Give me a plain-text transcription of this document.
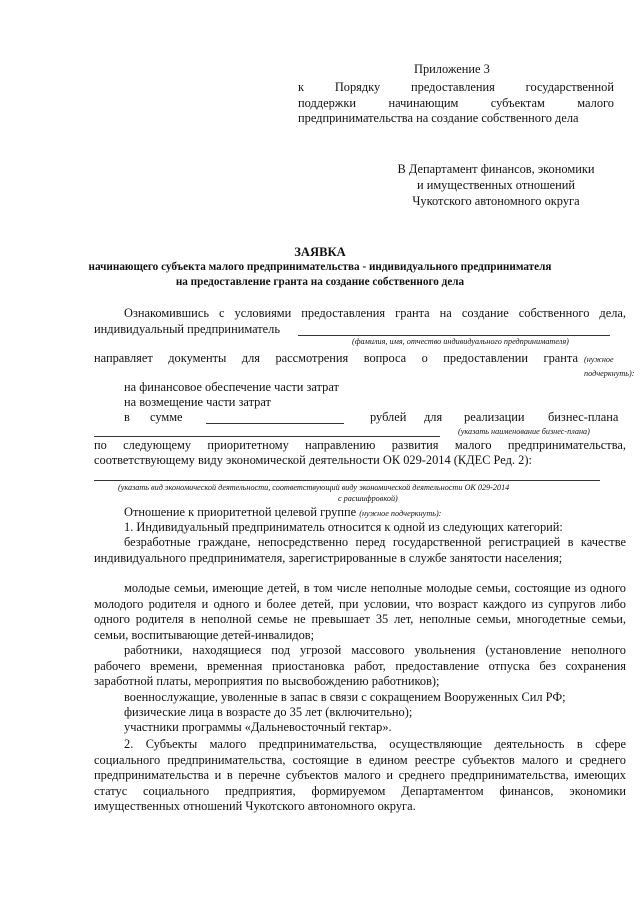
Приложение 3
к Порядку предоставления государственной
поддержки начинающим субъектам малого
предпринимательства на создание собственного дела
В Департамент финансов, экономики
и имущественных отношений
Чукотского автономного округа
ЗАЯВКА
начинающего субъекта малого предпринимательства - индивидуального предпринимателя
на предоставление гранта на создание собственного дела
Ознакомившись с условиями предоставления гранта на создание собственного дела,
индивидуальный предприниматель
(фамилия, имя, отчество индивидуального предпринимателя)
направляет документы для рассмотрения вопроса о предоставлении гранта (нужное подчеркнуть):
на финансовое обеспечение части затрат
на возмещение части затрат
в сумме	рублей для реализации бизнес-плана
(указать наименование бизнес-плана)
по следующему приоритетному направлению развития малого предпринимательства,
соответствующему виду экономической деятельности ОК 029-2014 (КДЕС Ред. 2):
(указать вид экономической деятельности, соответствующий виду экономической деятельности ОК 029-2014
с расшифровкой)
Отношение к приоритетной целевой группе (нужное подчеркнуть):
1. Индивидуальный предприниматель относится к одной из следующих категорий:
безработные граждане, непосредственно перед государственной регистрацией в качестве индивидуального предпринимателя, зарегистрированные в службе занятости населения;
молодые семьи, имеющие детей, в том числе неполные молодые семьи, состоящие из одного молодого родителя и одного и более детей, при условии, что возраст каждого из супругов либо одного родителя в неполной семье не превышает 35 лет, неполные семьи, многодетные семьи, семьи, воспитывающие детей-инвалидов;
работники, находящиеся под угрозой массового увольнения (установление неполного рабочего времени, временная приостановка работ, предоставление отпуска без сохранения заработной платы, мероприятия по высвобождению работников);
военнослужащие, уволенные в запас в связи с сокращением Вооруженных Сил РФ;
физические лица в возрасте до 35 лет (включительно);
участники программы «Дальневосточный гектар».
2. Субъекты малого предпринимательства, осуществляющие деятельность в сфере социального предпринимательства, состоящие в едином реестре субъектов малого и среднего предпринимательства и в перечне субъектов малого и среднего предпринимательства, имеющих статус социального предприятия, формируемом Департаментом финансов, экономики имущественных отношений Чукотского автономного округа.
